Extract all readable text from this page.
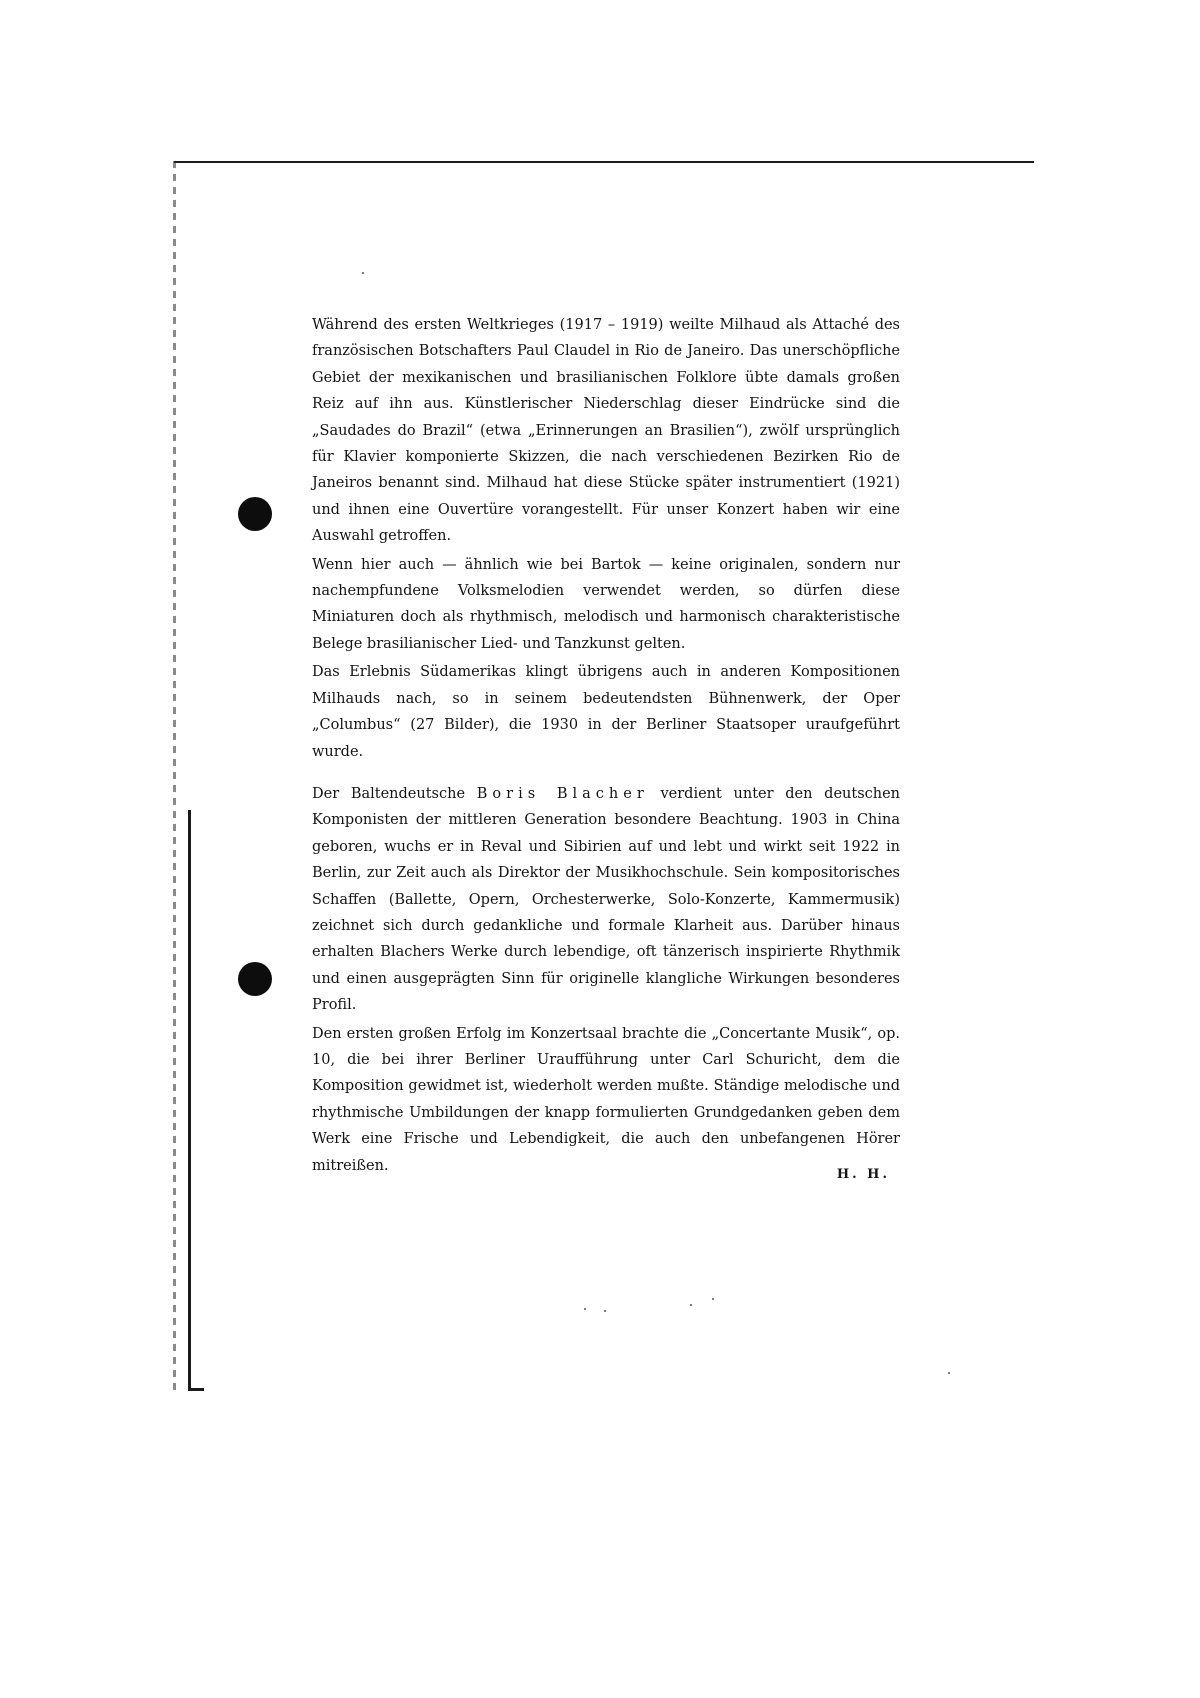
Während des ersten Weltkrieges (1917 – 1919) weilte Milhaud als Attaché des französischen Botschafters Paul Claudel in Rio de Janeiro. Das unerschöpfliche Gebiet der mexikanischen und brasilianischen Folklore übte damals großen Reiz auf ihn aus. Künstlerischer Niederschlag dieser Eindrücke sind die „Saudades do Brazil“ (etwa „Erinnerungen an Brasilien“), zwölf ursprünglich für Klavier komponierte Skizzen, die nach verschiedenen Bezirken Rio de Janeiros benannt sind. Milhaud hat diese Stücke später instrumentiert (1921) und ihnen eine Ouvertüre vorangestellt. Für unser Konzert haben wir eine Auswahl getroffen.

Wenn hier auch — ähnlich wie bei Bartok — keine originalen, sondern nur nachempfundene Volksmelodien verwendet werden, so dürfen diese Miniaturen doch als rhythmisch, melodisch und harmonisch charakteristische Belege brasilianischer Lied- und Tanzkunst gelten.

Das Erlebnis Südamerikas klingt übrigens auch in anderen Kompositionen Milhauds nach, so in seinem bedeutendsten Bühnenwerk, der Oper „Columbus“ (27 Bilder), die 1930 in der Berliner Staatsoper uraufgeführt wurde.

Der Baltendeutsche Boris Blacher verdient unter den deutschen Komponisten der mittleren Generation besondere Beachtung. 1903 in China geboren, wuchs er in Reval und Sibirien auf und lebt und wirkt seit 1922 in Berlin, zur Zeit auch als Direktor der Musikhochschule. Sein kompositorisches Schaffen (Ballette, Opern, Orchesterwerke, Solo-Konzerte, Kammermusik) zeichnet sich durch gedankliche und formale Klarheit aus. Darüber hinaus erhalten Blachers Werke durch lebendige, oft tänzerisch inspirierte Rhythmik und einen ausgeprägten Sinn für originelle klangliche Wirkungen besonderes Profil.

Den ersten großen Erfolg im Konzertsaal brachte die „Concertante Musik“, op. 10, die bei ihrer Berliner Uraufführung unter Carl Schuricht, dem die Komposition gewidmet ist, wiederholt werden mußte. Ständige melodische und rhythmische Umbildungen der knapp formulierten Grundgedanken geben dem Werk eine Frische und Lebendigkeit, die auch den unbefangenen Hörer mitreißen.

H. H.
